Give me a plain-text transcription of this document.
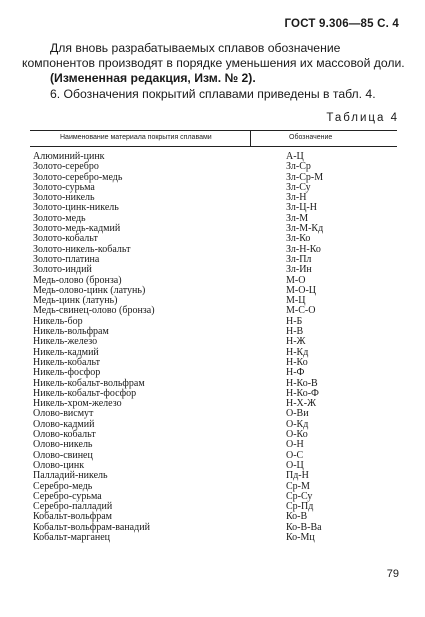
ГОСТ 9.306—85 С. 4
Для вновь разрабатываемых сплавов обозначение компонентов производят в порядке уменьшения их массовой доли.
(Измененная редакция, Изм. № 2).
6. Обозначения покрытий сплавами приведены в табл. 4.
Таблица 4
Наименование материала покрытия сплавами	Обозначение
Алюминий-цинк	А-Ц
Золото-серебро	Зл-Ср
Золото-серебро-медь	Зл-Ср-М
Золото-сурьма	Зл-Су
Золото-никель	Зл-Н
Золото-цинк-никель	Зл-Ц-Н
Золото-медь	Зл-М
Золото-медь-кадмий	Зл-М-Кд
Золото-кобальт	Зл-Ко
Золото-никель-кобальт	Зл-Н-Ко
Золото-платина	Зл-Пл
Золото-индий	Зл-Ин
Медь-олово (бронза)	М-О
Медь-олово-цинк (латунь)	М-О-Ц
Медь-цинк (латунь)	М-Ц
Медь-свинец-олово (бронза)	М-С-О
Никель-бор	Н-Б
Никель-вольфрам	Н-В
Никель-железо	Н-Ж
Никель-кадмий	Н-Кд
Никель-кобальт	Н-Ко
Никель-фосфор	Н-Ф
Никель-кобальт-вольфрам	Н-Ко-В
Никель-кобальт-фосфор	Н-Ко-Ф
Никель-хром-железо	Н-Х-Ж
Олово-висмут	О-Ви
Олово-кадмий	О-Кд
Олово-кобальт	О-Ко
Олово-никель	О-Н
Олово-свинец	О-С
Олово-цинк	О-Ц
Палладий-никель	Пд-Н
Серебро-медь	Ср-М
Серебро-сурьма	Ср-Су
Серебро-палладий	Ср-Пд
Кобальт-вольфрам	Ко-В
Кобальт-вольфрам-ванадий	Ко-В-Ва
Кобальт-марганец	Ко-Мц
79
